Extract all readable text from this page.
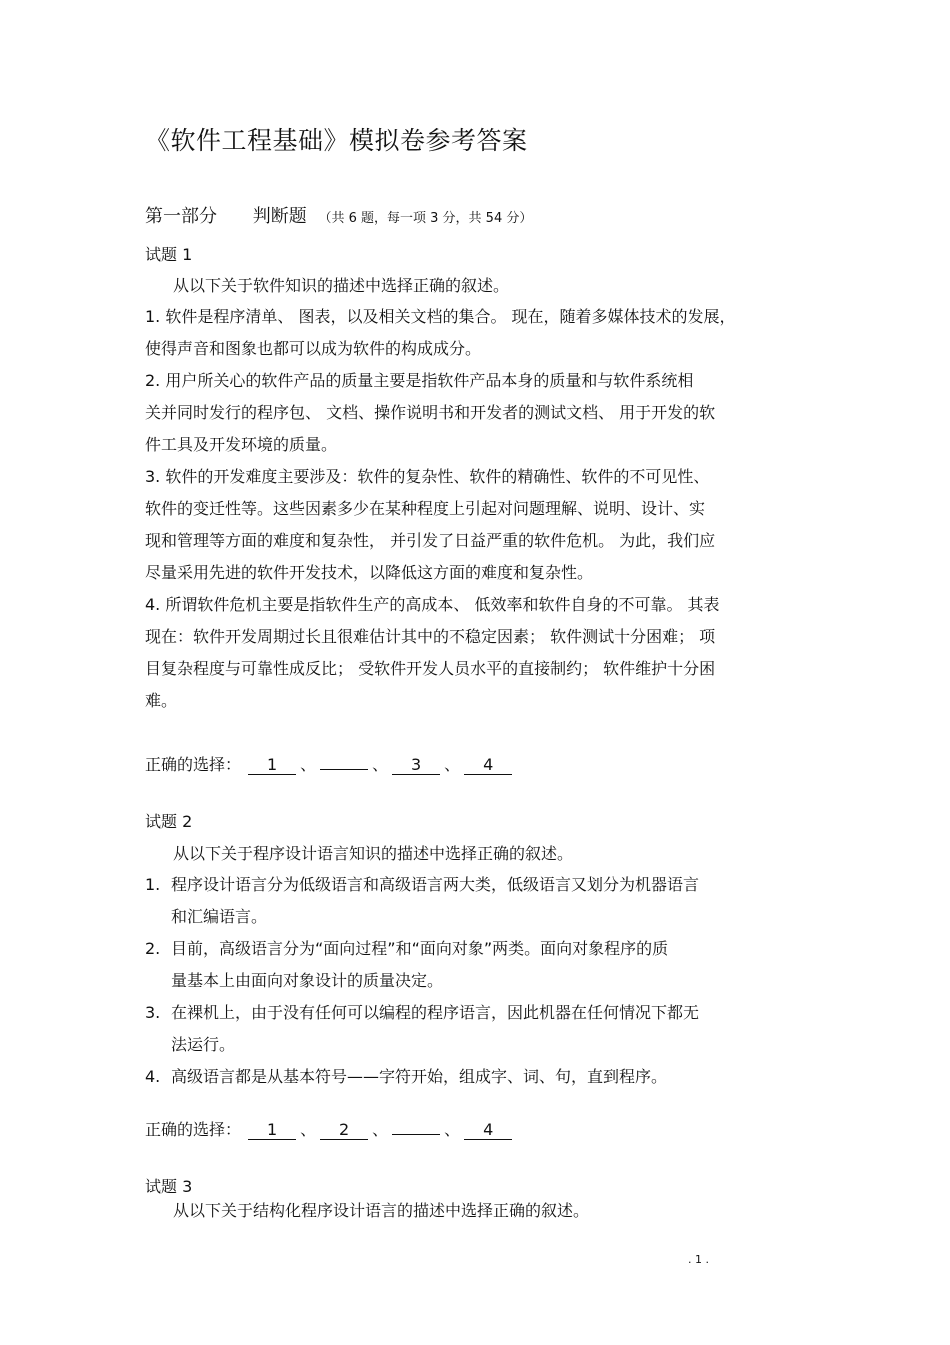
《软件工程基础》模拟卷参考答案
第一部分 判断题 （共 6 题，每一项 3 分，共 54 分）
试题 1
从以下关于软件知识的描述中选择正确的叙述。
1. 软件是程序清单、 图表，以及相关文档的集合。 现在，随着多媒体技术的发展，
使得声音和图象也都可以成为软件的构成成分。
2. 用户所关心的软件产品的质量主要是指软件产品本身的质量和与软件系统相
关并同时发行的程序包、 文档、操作说明书和开发者的测试文档、 用于开发的软
件工具及开发环境的质量。
3. 软件的开发难度主要涉及：软件的复杂性、软件的精确性、软件的不可见性、
软件的变迁性等。这些因素多少在某种程度上引起对问题理解、说明、设计、实
现和管理等方面的难度和复杂性， 并引发了日益严重的软件危机。 为此，我们应
尽量采用先进的软件开发技术，以降低这方面的难度和复杂性。
4. 所谓软件危机主要是指软件生产的高成本、 低效率和软件自身的不可靠。 其表
现在：软件开发周期过长且很难估计其中的不稳定因素； 软件测试十分困难； 项
目复杂程度与可靠性成反比； 受软件开发人员水平的直接制约； 软件维护十分困
难。
正确的选择： 1 、	、 3 、 4
试题 2
从以下关于程序设计语言知识的描述中选择正确的叙述。
1. 程序设计语言分为低级语言和高级语言两大类，低级语言又划分为机器语言
和汇编语言。
2. 目前，高级语言分为“面向过程”和“面向对象”两类。面向对象程序的质
量基本上由面向对象设计的质量决定。
3. 在裸机上，由于没有任何可以编程的程序语言，因此机器在任何情况下都无
法运行。
4. 高级语言都是从基本符号——字符开始，组成字、词、句，直到程序。
正确的选择： 1 、 2 、	、 4
试题 3
从以下关于结构化程序设计语言的描述中选择正确的叙述。
. 1 .
